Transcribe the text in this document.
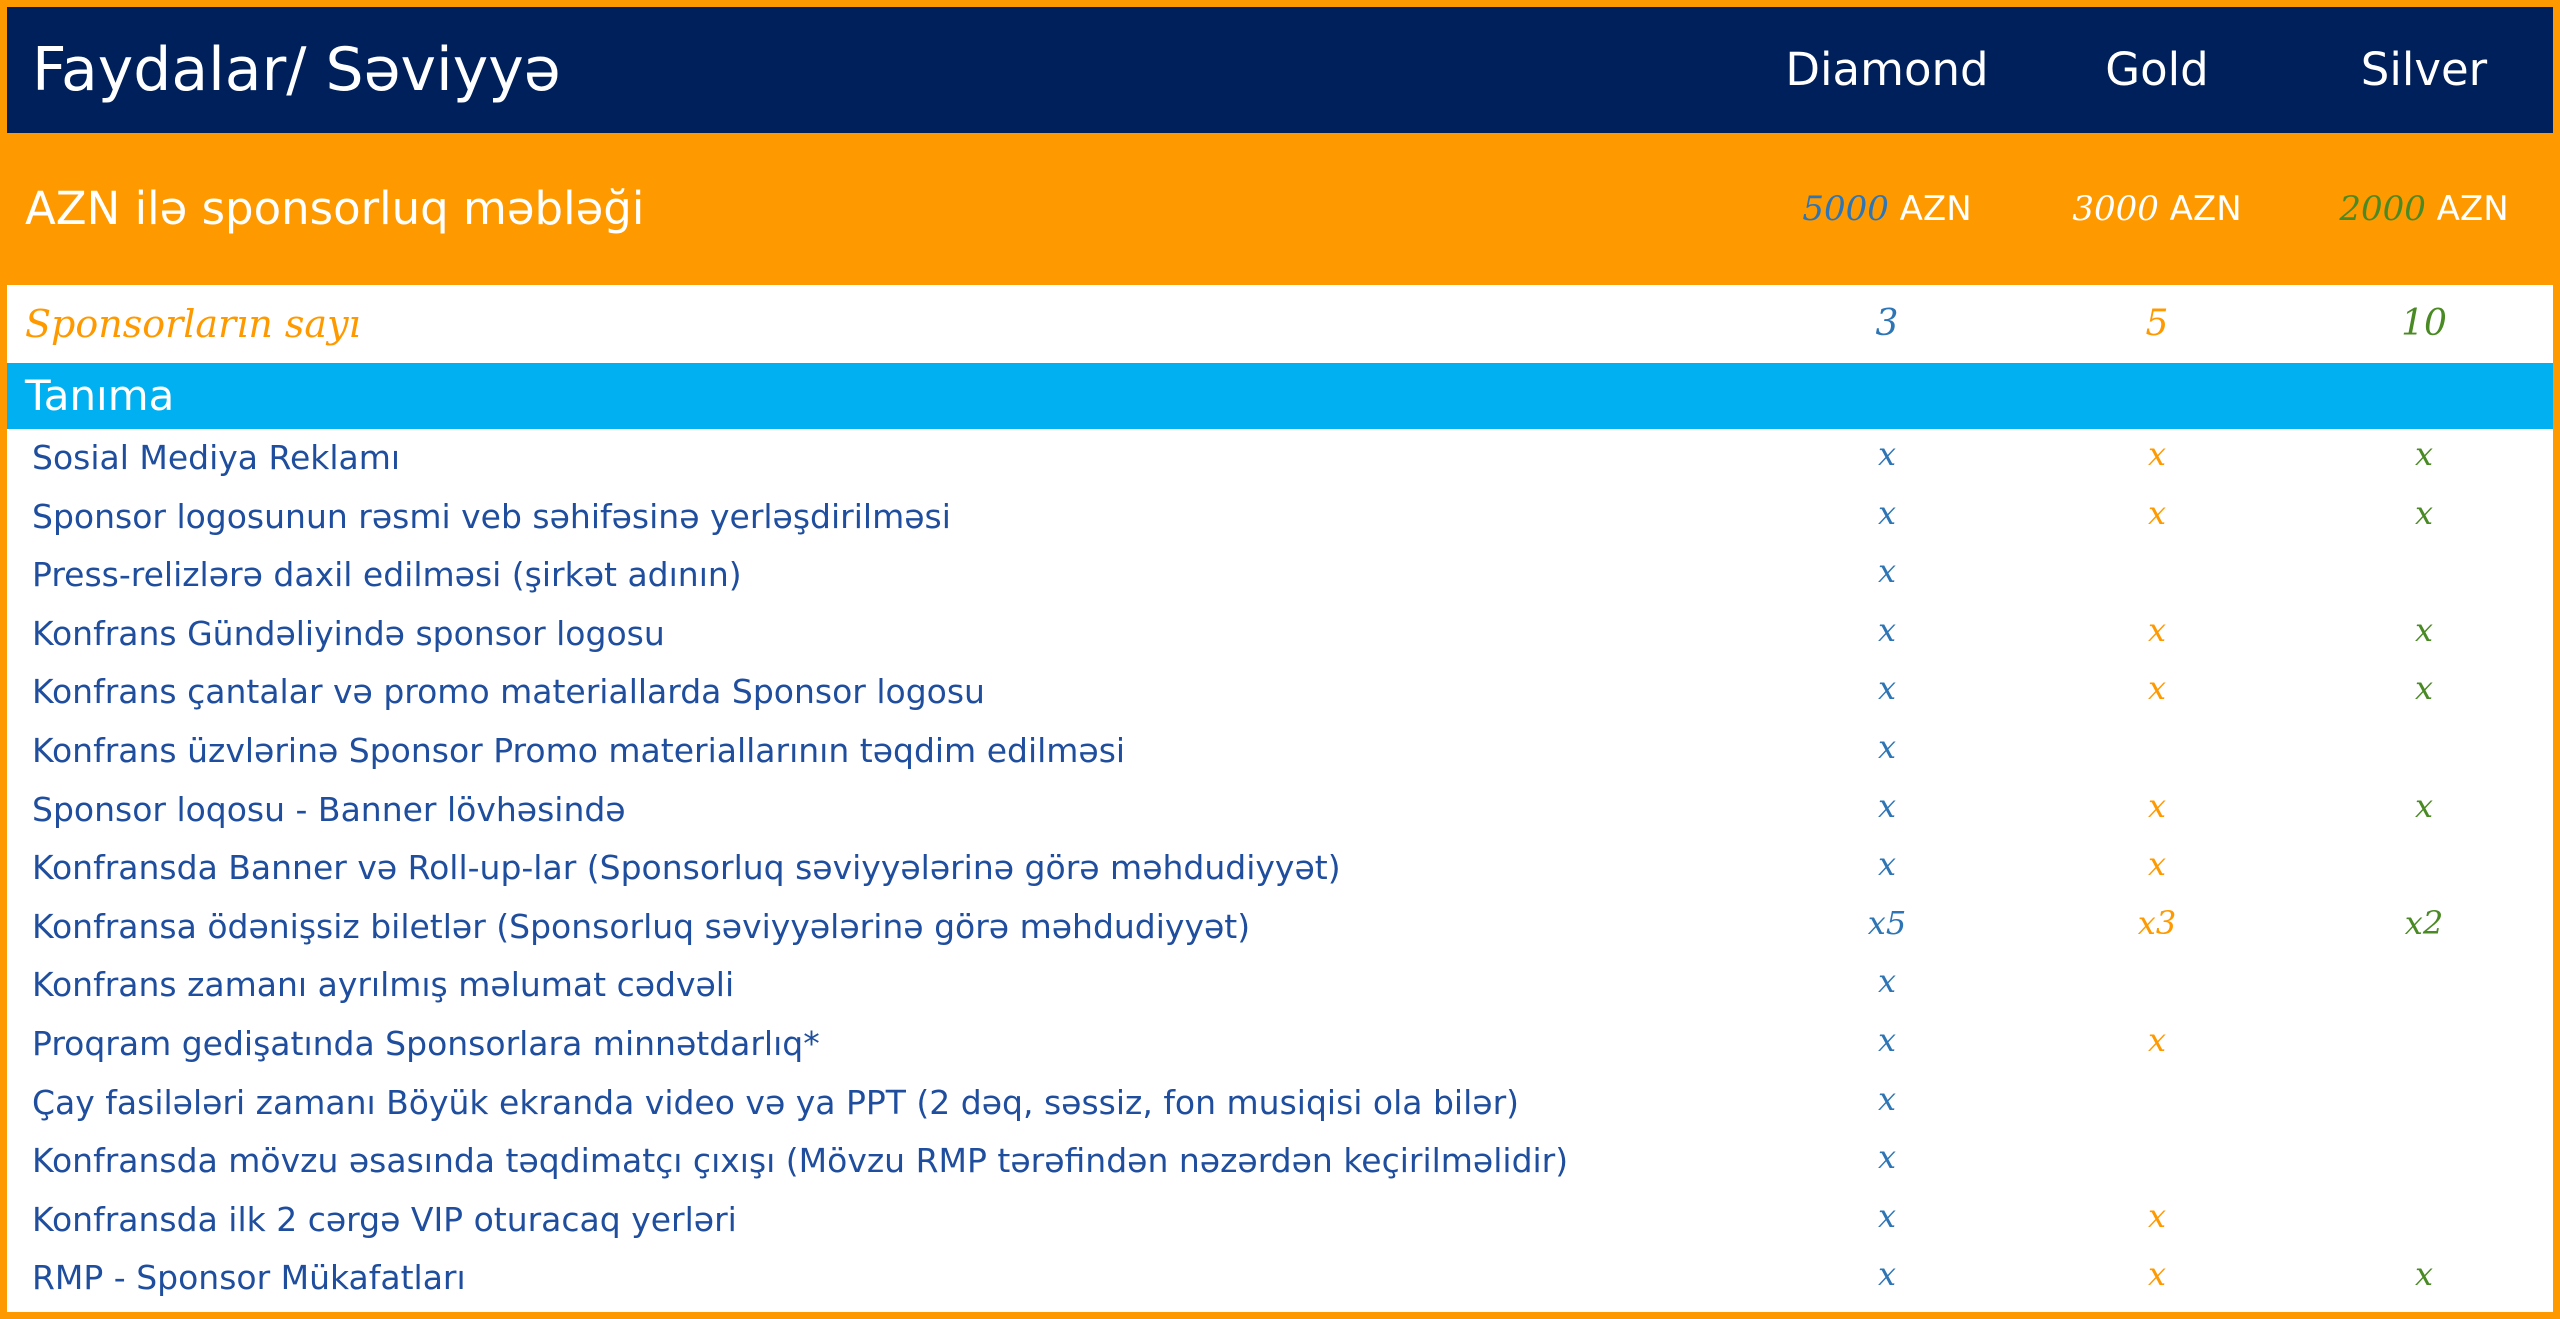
Faydalar/ Səviyyə	Diamond	Gold	Silver
AZN ilə sponsorluq məbləği	5000 AZN	3000 AZN	2000 AZN
Sponsorların sayı	3	5	10
Tanıma
Sosial Mediya Reklamı	x	x	x
Sponsor logosunun rəsmi veb səhifəsinə yerləşdirilməsi	x	x	x
Press-relizlərə daxil edilməsi (şirkət adının)	x
Konfrans Gündəliyində sponsor logosu	x	x	x
Konfrans çantalar və promo materiallarda Sponsor logosu	x	x	x
Konfrans üzvlərinə Sponsor Promo materiallarının təqdim edilməsi	x
Sponsor loqosu - Banner lövhəsində	x	x	x
Konfransda Banner və Roll-up-lar (Sponsorluq səviyyələrinə görə məhdudiyyət)	x	x
Konfransa ödənişsiz biletlər (Sponsorluq səviyyələrinə görə məhdudiyyət)	x5	x3	x2
Konfrans zamanı ayrılmış məlumat cədvəli	x
Proqram gedişatında Sponsorlara minnətdarlıq*	x	x
Çay fasilələri zamanı Böyük ekranda video və ya PPT (2 dəq, səssiz, fon musiqisi ola bilər)	x
Konfransda mövzu əsasında təqdimatçı çıxışı (Mövzu RMP tərəfindən nəzərdən keçirilməlidir)	x
Konfransda ilk 2 cərgə VIP oturacaq yerləri	x	x
RMP - Sponsor Mükafatları	x	x	x
